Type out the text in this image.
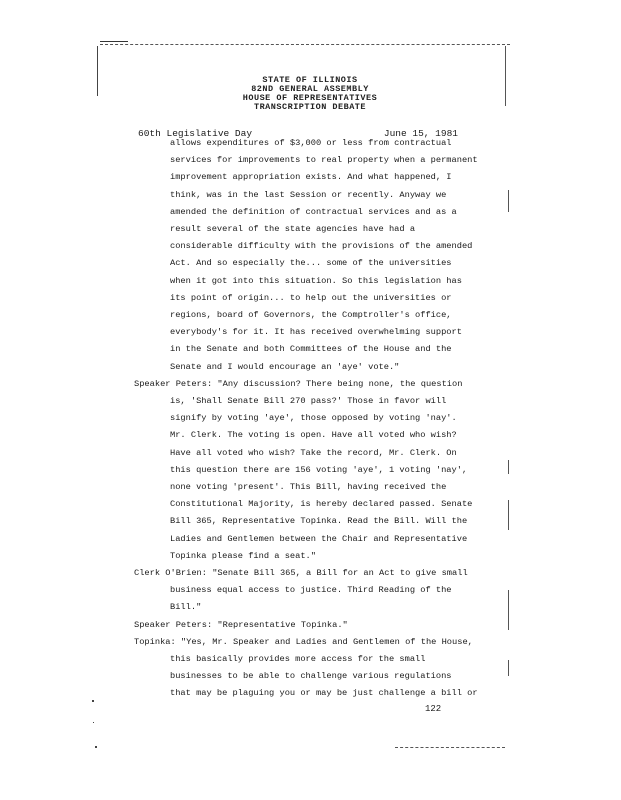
STATE OF ILLINOIS
82ND GENERAL ASSEMBLY
HOUSE OF REPRESENTATIVES
TRANSCRIPTION DEBATE
60th Legislative Day	June 15, 1981
122
allows expenditures of $3,000 or less from contractual
services for improvements to real property when a permanent
improvement appropriation exists. And what happened, I
think, was in the last Session or recently. Anyway we
amended the definition of contractual services and as a
result several of the state agencies have had a
considerable difficulty with the provisions of the amended
Act. And so especially the... some of the universities
when it got into this situation. So this legislation has
its point of origin... to help out the universities or
regions, board of Governors, the Comptroller's office,
everybody's for it. It has received overwhelming support
in the Senate and both Committees of the House and the
Senate and I would encourage an 'aye' vote."
Speaker Peters: "Any discussion? There being none, the question
is, 'Shall Senate Bill 270 pass?' Those in favor will
signify by voting 'aye', those opposed by voting 'nay'.
Mr. Clerk. The voting is open. Have all voted who wish?
Have all voted who wish? Take the record, Mr. Clerk. On
this question there are 156 voting 'aye', 1 voting 'nay',
none voting 'present'. This Bill, having received the
Constitutional Majority, is hereby declared passed. Senate
Bill 365, Representative Topinka. Read the Bill. Will the
Ladies and Gentlemen between the Chair and Representative
Topinka please find a seat."
Clerk O'Brien: "Senate Bill 365, a Bill for an Act to give small
business equal access to justice. Third Reading of the
Bill."
Speaker Peters: "Representative Topinka."
Topinka: "Yes, Mr. Speaker and Ladies and Gentlemen of the House,
this basically provides more access for the small
businesses to be able to challenge various regulations
that may be plaguing you or may be just challenge a bill or
